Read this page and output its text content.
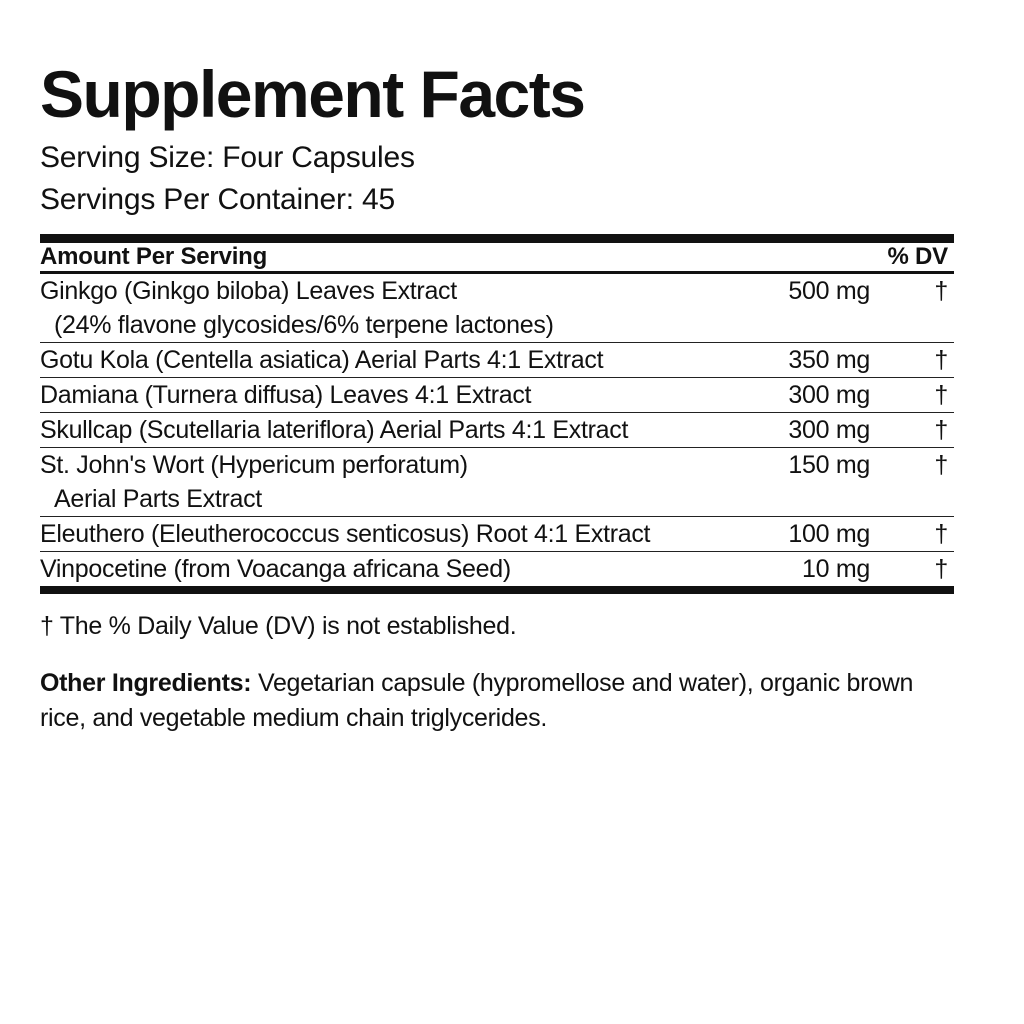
Supplement Facts

Serving Size: Four Capsules

Servings Per Container: 45

Amount Per Serving		% DV

Ginkgo (Ginkgo biloba) Leaves Extract
(24% flavone glycosides/6% terpene lactones)	500 mg	†

Gotu Kola (Centella asiatica) Aerial Parts 4:1 Extract	350 mg	†

Damiana (Turnera diffusa) Leaves 4:1 Extract	300 mg	†

Skullcap (Scutellaria lateriflora) Aerial Parts 4:1 Extract	300 mg	†

St. John's Wort (Hypericum perforatum)
Aerial Parts Extract	150 mg	†

Eleuthero (Eleutherococcus senticosus) Root 4:1 Extract	100 mg	†

Vinpocetine (from Voacanga africana Seed)	10 mg	†

† The % Daily Value (DV) is not established.

Other Ingredients: Vegetarian capsule (hypromellose and water), organic brown rice, and vegetable medium chain triglycerides.
